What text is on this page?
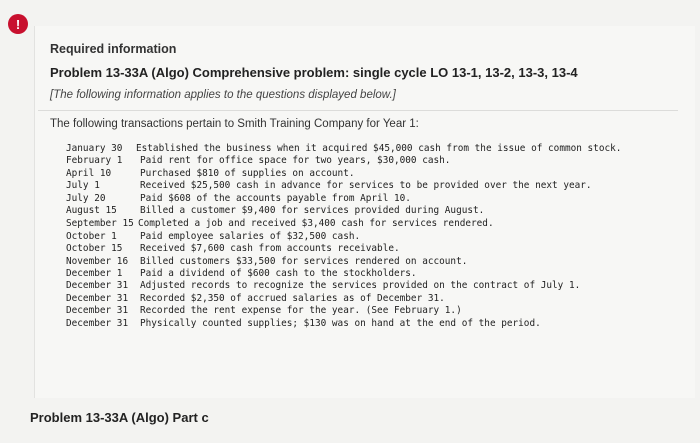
!
Required information
Problem 13-33A (Algo) Comprehensive problem: single cycle LO 13-1, 13-2, 13-3, 13-4
[The following information applies to the questions displayed below.]
The following transactions pertain to Smith Training Company for Year 1:
January 30	Established the business when it acquired $45,000 cash from the issue of common stock.
February 1	Paid rent for office space for two years, $30,000 cash.
April 10	Purchased $810 of supplies on account.
July 1	Received $25,500 cash in advance for services to be provided over the next year.
July 20	Paid $608 of the accounts payable from April 10.
August 15	Billed a customer $9,400 for services provided during August.
September 15 Completed a job and received $3,400 cash for services rendered.
October 1	Paid employee salaries of $32,500 cash.
October 15	Received $7,600 cash from accounts receivable.
November 16	Billed customers $33,500 for services rendered on account.
December 1	Paid a dividend of $600 cash to the stockholders.
December 31	Adjusted records to recognize the services provided on the contract of July 1.
December 31	Recorded $2,350 of accrued salaries as of December 31.
December 31	Recorded the rent expense for the year. (See February 1.)
December 31	Physically counted supplies; $130 was on hand at the end of the period.
Problem 13-33A (Algo) Part c
